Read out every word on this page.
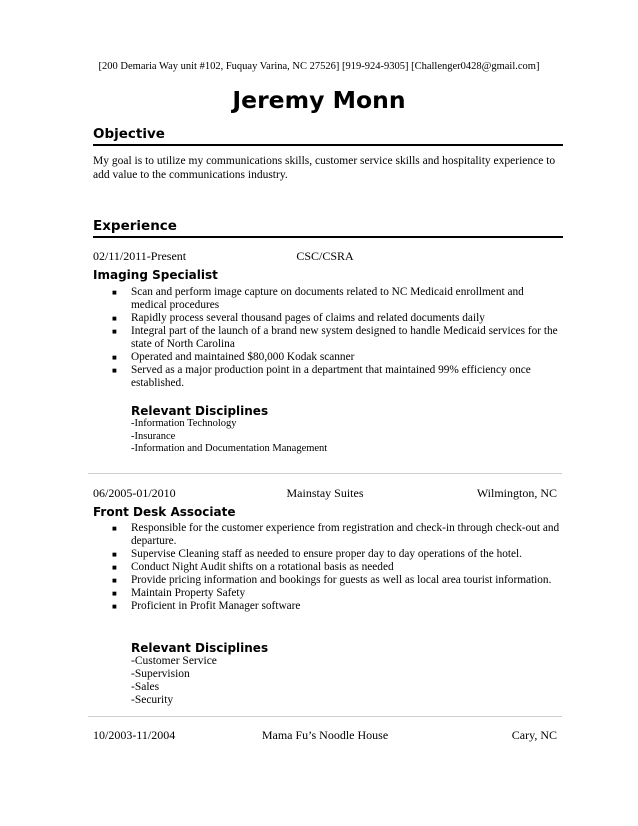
[200 Demaria Way unit #102, Fuquay Varina, NC 27526] [919-924-9305] [Challenger0428@gmail.com]
Jeremy Monn
Objective
My goal is to utilize my communications skills, customer service skills and hospitality experience to add value to the communications industry.
Experience
02/11/2011-Present	CSC/CSRA
Imaging Specialist
■ Scan and perform image capture on documents related to NC Medicaid enrollment and medical procedures
■ Rapidly process several thousand pages of claims and related documents daily
■ Integral part of the launch of a brand new system designed to handle Medicaid services for the state of North Carolina
■ Operated and maintained $80,000 Kodak scanner
■ Served as a major production point in a department that maintained 99% efficiency once established.
Relevant Disciplines
-Information Technology
-Insurance
-Information and Documentation Management
06/2005-01/2010	Mainstay Suites	Wilmington, NC
Front Desk Associate
■ Responsible for the customer experience from registration and check-in through check-out and departure.
■ Supervise Cleaning staff as needed to ensure proper day to day operations of the hotel.
■ Conduct Night Audit shifts on a rotational basis as needed
■ Provide pricing information and bookings for guests as well as local area tourist information.
■ Maintain Property Safety
■ Proficient in Profit Manager software
Relevant Disciplines
-Customer Service
-Supervision
-Sales
-Security
10/2003-11/2004	Mama Fu’s Noodle House	Cary, NC
